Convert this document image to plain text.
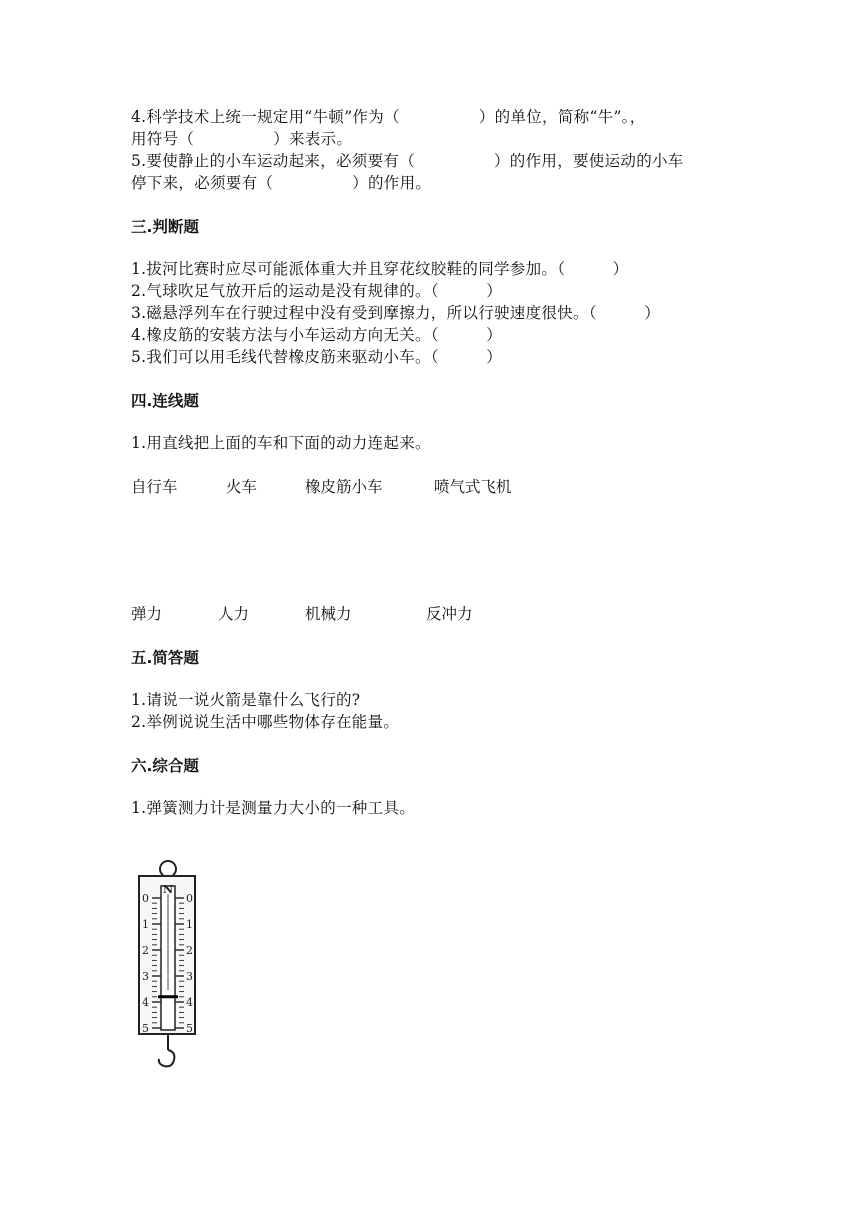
4.科学技术上统一规定用“牛顿”作为（　　　　　）的单位，简称“牛”。，
用符号（　　　　　）来表示。
5.要使静止的小车运动起来，必须要有（　　　　　）的作用，要使运动的小车
停下来，必须要有（　　　　　）的作用。
三.判断题
1.拔河比赛时应尽可能派体重大并且穿花纹胶鞋的同学参加。（　　　）
2.气球吹足气放开后的运动是没有规律的。（　　　）
3.磁悬浮列车在行驶过程中没有受到摩擦力，所以行驶速度很快。（　　　）
4.橡皮筋的安装方法与小车运动方向无关。（　　　）
5.我们可以用毛线代替橡皮筋来驱动小车。（　　　）
四.连线题
1.用直线把上面的车和下面的动力连起来。
自行车	火车	橡皮筋小车	喷气式飞机
弹力	人力	机械力	反冲力
五.简答题
1.请说一说火箭是靠什么飞行的?
2.举例说说生活中哪些物体存在能量。
六.综合题
1.弹簧测力计是测量力大小的一种工具。
N
0	0
1	1
2	2
3	3
4	4
5	5
